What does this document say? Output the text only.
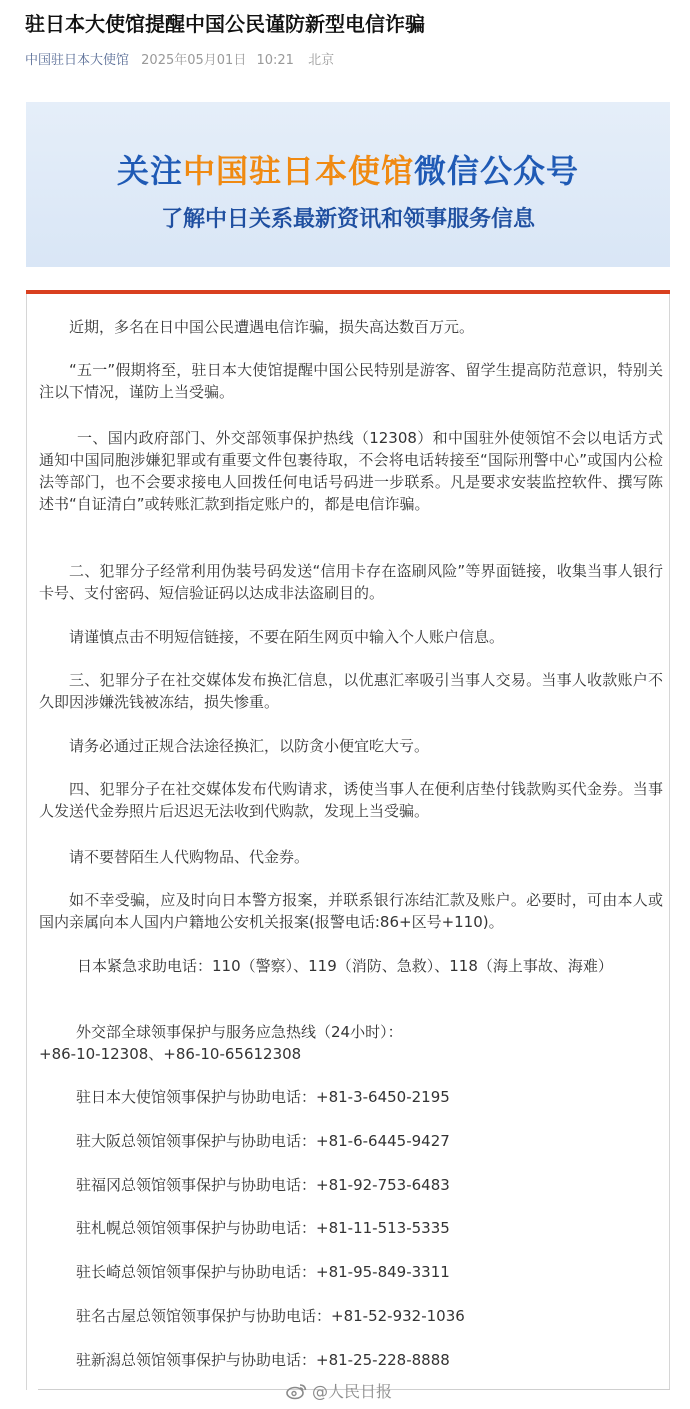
驻日本大使馆提醒中国公民谨防新型电信诈骗
中国驻日本大使馆 2025年05月01日 10:21 北京
关注中国驻日本使馆微信公众号
了解中日关系最新资讯和领事服务信息
近期，多名在日中国公民遭遇电信诈骗，损失高达数百万元。
“五一”假期将至，驻日本大使馆提醒中国公民特别是游客、留学生提高防范意识，特别关注以下情况，谨防上当受骗。
一、国内政府部门、外交部领事保护热线（12308）和中国驻外使领馆不会以电话方式通知中国同胞涉嫌犯罪或有重要文件包裹待取，不会将电话转接至“国际刑警中心”或国内公检法等部门，也不会要求接电人回拨任何电话号码进一步联系。凡是要求安装监控软件、撰写陈述书“自证清白”或转账汇款到指定账户的，都是电信诈骗。
二、犯罪分子经常利用伪装号码发送“信用卡存在盗刷风险”等界面链接，收集当事人银行卡号、支付密码、短信验证码以达成非法盗刷目的。
请谨慎点击不明短信链接，不要在陌生网页中输入个人账户信息。
三、犯罪分子在社交媒体发布换汇信息，以优惠汇率吸引当事人交易。当事人收款账户不久即因涉嫌洗钱被冻结，损失惨重。
请务必通过正规合法途径换汇，以防贪小便宜吃大亏。
四、犯罪分子在社交媒体发布代购请求，诱使当事人在便利店垫付钱款购买代金券。当事人发送代金券照片后迟迟无法收到代购款，发现上当受骗。
请不要替陌生人代购物品、代金券。
如不幸受骗，应及时向日本警方报案，并联系银行冻结汇款及账户。必要时，可由本人或国内亲属向本人国内户籍地公安机关报案(报警电话:86+区号+110)。
日本紧急求助电话：110（警察）、119（消防、急救）、118（海上事故、海难）
外交部全球领事保护与服务应急热线（24小时）：
+86-10-12308、+86-10-65612308
驻日本大使馆领事保护与协助电话：+81-3-6450-2195
驻大阪总领馆领事保护与协助电话：+81-6-6445-9427
驻福冈总领馆领事保护与协助电话：+81-92-753-6483
驻札幌总领馆领事保护与协助电话：+81-11-513-5335
驻长崎总领馆领事保护与协助电话：+81-95-849-3311
驻名古屋总领馆领事保护与协助电话：+81-52-932-1036
驻新潟总领馆领事保护与协助电话：+81-25-228-8888
@人民日报
